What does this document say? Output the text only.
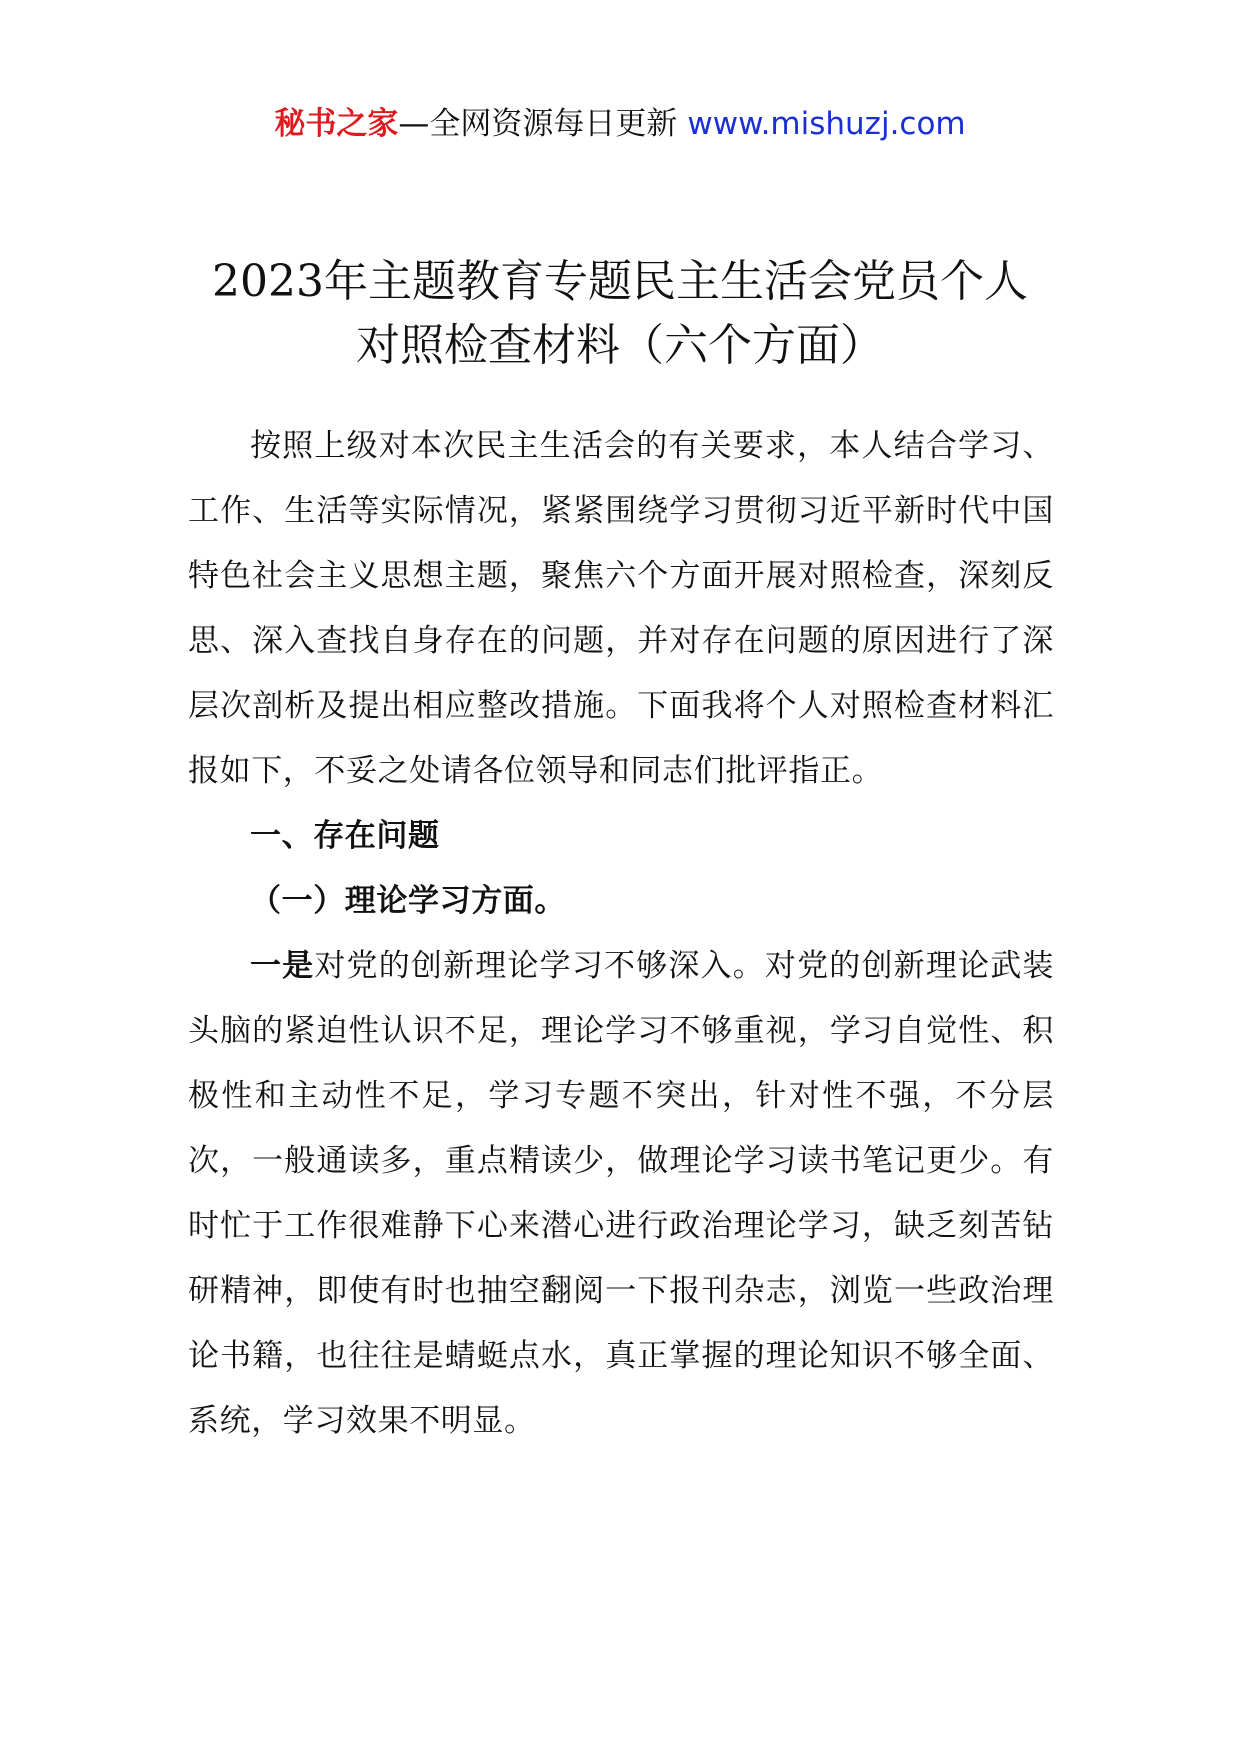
秘书之家—全网资源每日更新 www.mishuzj.com
2023年主题教育专题民主生活会党员个人
对照检查材料（六个方面）

按照上级对本次民主生活会的有关要求，本人结合学习、工作、生活等实际情况，紧紧围绕学习贯彻习近平新时代中国特色社会主义思想主题，聚焦六个方面开展对照检查，深刻反思、深入查找自身存在的问题，并对存在问题的原因进行了深层次剖析及提出相应整改措施。下面我将个人对照检查材料汇报如下，不妥之处请各位领导和同志们批评指正。

一、存在问题

（一）理论学习方面。

一是对党的创新理论学习不够深入。对党的创新理论武装头脑的紧迫性认识不足，理论学习不够重视，学习自觉性、积极性和主动性不足，学习专题不突出，针对性不强，不分层次，一般通读多，重点精读少，做理论学习读书笔记更少。有时忙于工作很难静下心来潜心进行政治理论学习，缺乏刻苦钻研精神，即使有时也抽空翻阅一下报刊杂志，浏览一些政治理论书籍，也往往是蜻蜓点水，真正掌握的理论知识不够全面、系统，学习效果不明显。
